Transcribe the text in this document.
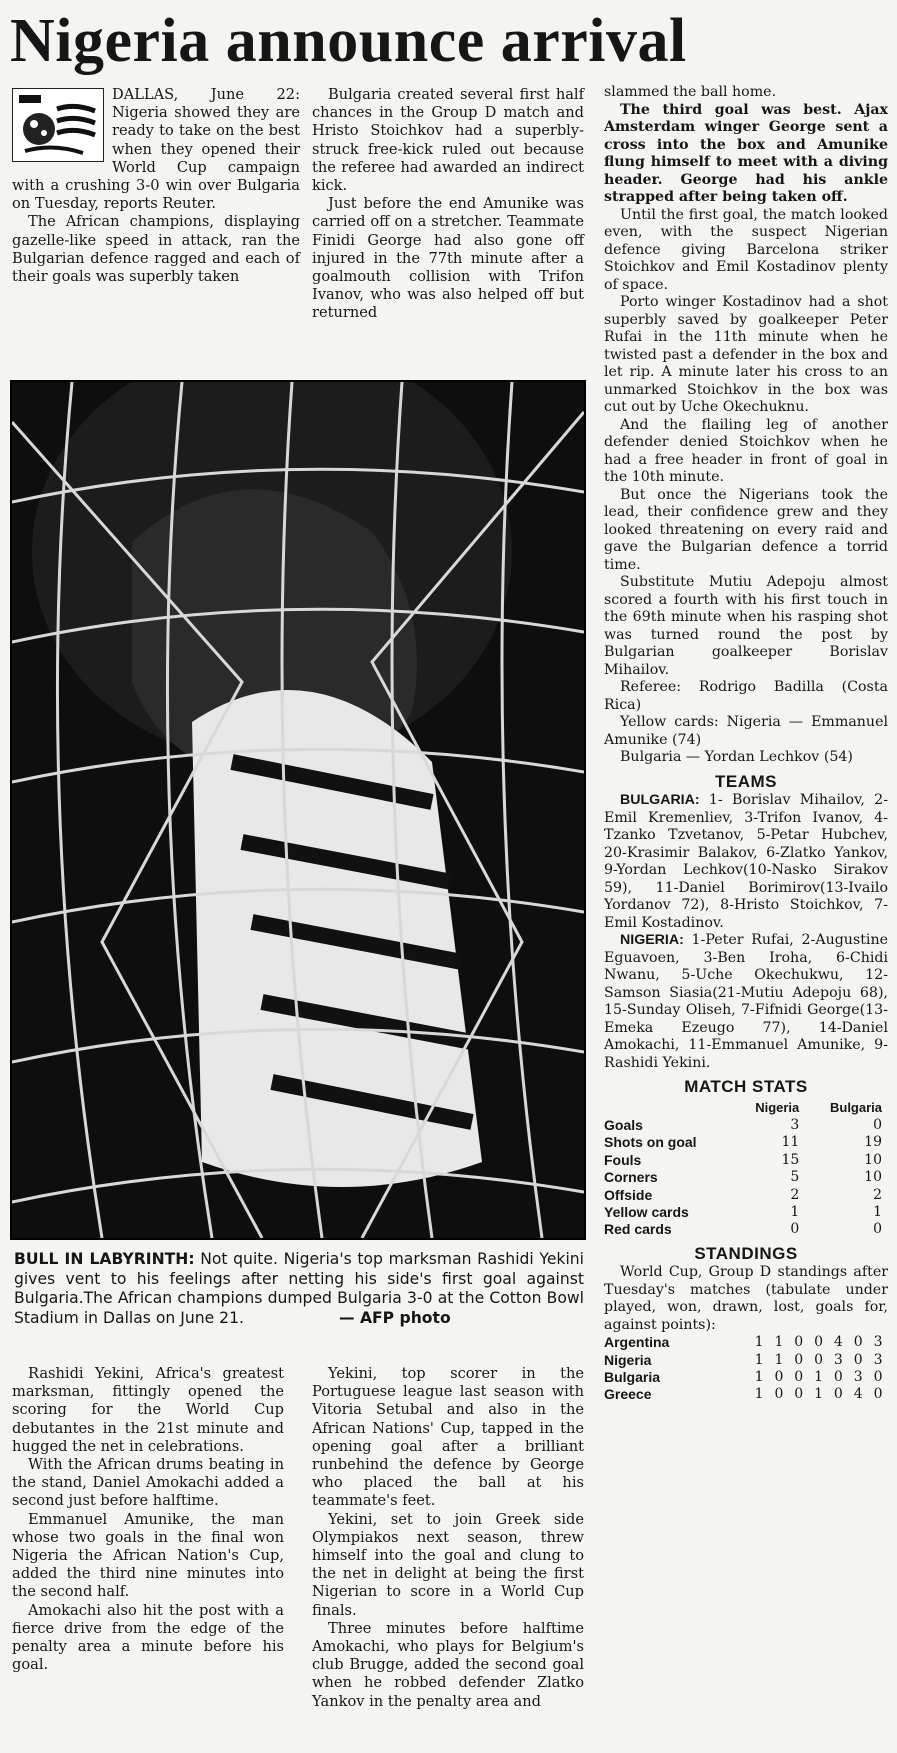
Nigeria announce arrival

DALLAS, June 22: Nigeria showed they are ready to take on the best when they opened their World Cup campaign with a crushing 3-0 win over Bulgaria on Tuesday, reports Reuter.

The African champions, displaying gazelle-like speed in attack, ran the Bulgarian defence ragged and each of their goals was superbly taken

Bulgaria created several first half chances in the Group D match and Hristo Stoichkov had a superbly-struck free-kick ruled out because the referee had awarded an indirect kick.

Just before the end Amunike was carried off on a stretcher. Teammate Finidi George had also gone off injured in the 77th minute after a goalmouth collision with Trifon Ivanov, who was also helped off but returned

BULL IN LABYRINTH: Not quite. Nigeria's top marksman Rashidi Yekini gives vent to his feelings after netting his side's first goal against Bulgaria.The African champions dumped Bulgaria 3-0 at the Cotton Bowl Stadium in Dallas on June 21.	— AFP photo

Rashidi Yekini, Africa's greatest marksman, fittingly opened the scoring for the World Cup debutantes in the 21st minute and hugged the net in celebrations.

With the African drums beating in the stand, Daniel Amokachi added a second just before halftime.

Emmanuel Amunike, the man whose two goals in the final won Nigeria the African Nation's Cup, added the third nine minutes into the second half.

Amokachi also hit the post with a fierce drive from the edge of the penalty area a minute before his goal.

Yekini, top scorer in the Portuguese league last season with Vitoria Setubal and also in the African Nations' Cup, tapped in the opening goal after a brilliant runbehind the defence by George who placed the ball at his teammate's feet.

Yekini, set to join Greek side Olympiakos next season, threw himself into the goal and clung to the net in delight at being the first Nigerian to score in a World Cup finals.

Three minutes before halftime Amokachi, who plays for Belgium's club Brugge, added the second goal when he robbed defender Zlatko Yankov in the penalty area and

slammed the ball home.

The third goal was best. Ajax Amsterdam winger George sent a cross into the box and Amunike flung himself to meet with a diving header. George had his ankle strapped after being taken off.

Until the first goal, the match looked even, with the suspect Nigerian defence giving Barcelona striker Stoichkov and Emil Kostadinov plenty of space.

Porto winger Kostadinov had a shot superbly saved by goalkeeper Peter Rufai in the 11th minute when he twisted past a defender in the box and let rip. A minute later his cross to an unmarked Stoichkov in the box was cut out by Uche Okechuknu.

And the flailing leg of another defender denied Stoichkov when he had a free header in front of goal in the 10th minute.

But once the Nigerians took the lead, their confidence grew and they looked threatening on every raid and gave the Bulgarian defence a torrid time.

Substitute Mutiu Adepoju almost scored a fourth with his first touch in the 69th minute when his rasping shot was turned round the post by Bulgarian goalkeeper Borislav Mihailov.

Referee: Rodrigo Badilla (Costa Rica)

Yellow cards: Nigeria — Emmanuel Amunike (74)

Bulgaria — Yordan Lechkov (54)

TEAMS

BULGARIA: 1- Borislav Mihailov, 2-Emil Kremenliev, 3-Trifon Ivanov, 4-Tzanko Tzvetanov, 5-Petar Hubchev, 20-Krasimir Balakov, 6-Zlatko Yankov, 9-Yordan Lechkov(10-Nasko Sirakov 59), 11-Daniel Borimirov(13-Ivailo Yordanov 72), 8-Hristo Stoichkov, 7-Emil Kostadinov.

NIGERIA: 1-Peter Rufai, 2-Augustine Eguavoen, 3-Ben Iroha, 6-Chidi Nwanu, 5-Uche Okechukwu, 12-Samson Siasia(21-Mutiu Adepoju 68), 15-Sunday Oliseh, 7-Fifnidi George(13-Emeka Ezeugo 77), 14-Daniel Amokachi, 11-Emmanuel Amunike, 9-Rashidi Yekini.

MATCH STATS
	Nigeria	Bulgaria
Goals	3	0
Shots on goal	11	19
Fouls	15	10
Corners	5	10
Offside	2	2
Yellow cards	1	1
Red cards	0	0
STANDINGS

World Cup, Group D standings after Tuesday's matches (tabulate under played, won, drawn, lost, goals for, against points):

Argentina	1	1	0	0	4	0	3
Nigeria	1	1	0	0	3	0	3
Bulgaria	1	0	0	1	0	3	0
Greece	1	0	0	1	0	4	0
